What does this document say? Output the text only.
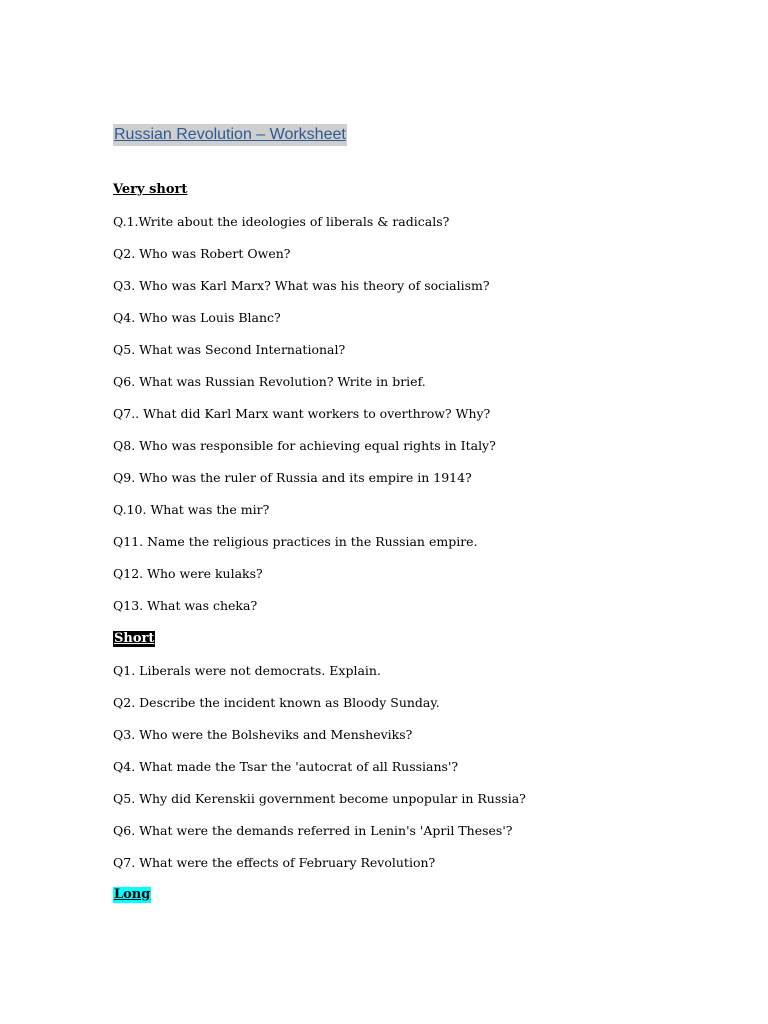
Russian Revolution – Worksheet
Very short
Q.1.Write about the ideologies of liberals & radicals?
Q2. Who was Robert Owen?
Q3. Who was Karl Marx? What was his theory of socialism?
Q4. Who was Louis Blanc?
Q5. What was Second International?
Q6. What was Russian Revolution? Write in brief.
Q7.. What did Karl Marx want workers to overthrow? Why?
Q8. Who was responsible for achieving equal rights in Italy?
Q9. Who was the ruler of Russia and its empire in 1914?
Q.10. What was the mir?
Q11. Name the religious practices in the Russian empire.
Q12. Who were kulaks?
Q13. What was cheka?
Short
Q1. Liberals were not democrats. Explain.
Q2. Describe the incident known as Bloody Sunday.
Q3. Who were the Bolsheviks and Mensheviks?
Q4. What made the Tsar the 'autocrat of all Russians'?
Q5. Why did Kerenskii government become unpopular in Russia?
Q6. What were the demands referred in Lenin's 'April Theses'?
Q7. What were the effects of February Revolution?
Long
